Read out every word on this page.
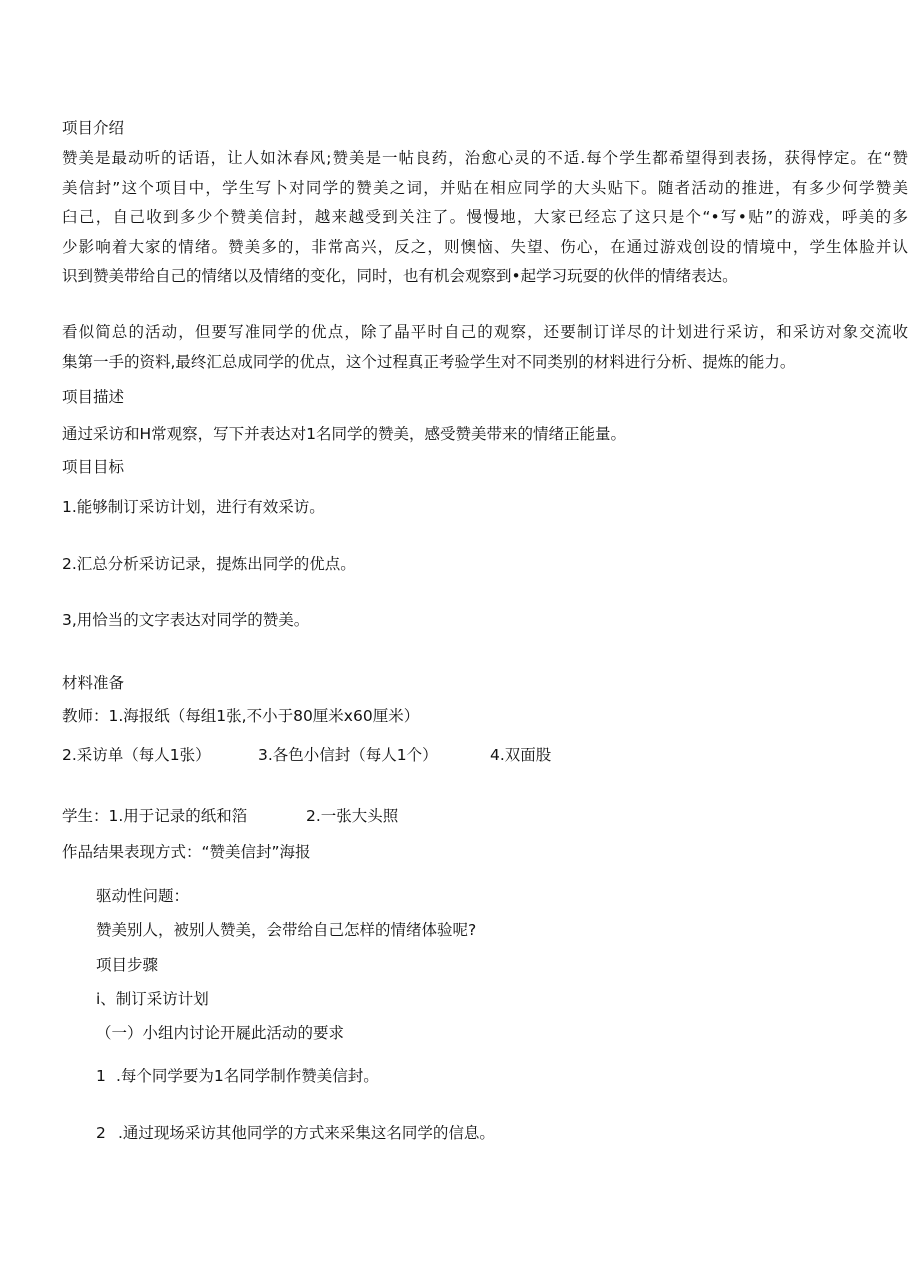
项目介绍
赞美是最动听的话语，让人如沐春风;赞美是一帖良药，治愈心灵的不适.每个学生都希望得到表扬，获得悖定。在“赞
美信封”这个项目中，学生写卜对同学的赞美之词，并贴在相应同学的大头贴下。随者活动的推进，有多少何学赞美
臼己，自己收到多少个赞美信封，越来越受到关注了。慢慢地，大家已经忘了这只是个“•写•贴”的游戏，呼美的多
少影响着大家的情绪。赞美多的，非常高兴，反之，则懊恼、失望、伤心，在通过游戏创设的情境中，学生体脸并认
识到赞美带给自己的情绪以及情绪的变化，同时，也有机会观察到•起学习玩耍的伙伴的情绪表达。
看似简总的活动，但要写准同学的优点，除了晶平时自己的观察，还要制订详尽的计划进行采访，和采访对象交流收
集第一手的资料,最终汇总成同学的优点，这个过程真正考验学生对不同类别的材料进行分析、提炼的能力。
项目描述
通过采访和H常观察，写下并表达对1名同学的赞美，感受赞美带来的情绪正能量。
项目目标
1.能够制订采访计划，进行有效采访。
2.汇总分析采访记录，提炼出同学的优点。
3,用恰当的文字表达对同学的赞美。
材料准备
教师：1.海报纸（每组1张,不小于80厘米x60厘米）
2.采访单（每人1张）	3.各色小信封（每人1个）	4.双面股
学生：1.用于记录的纸和箔	2.一张大头照
作品结果表现方式：“赞美信封”海报
驱动性问题：
赞美别人，被别人赞美，会带给自己怎样的情绪体验呢?
项目步骤
i、制订采访计划
（一）小组内讨论开屣此活动的要求
1 .每个同学要为1名同学制作赞美信封。
2 .通过现场采访其他同学的方式来采集这名同学的信息。
